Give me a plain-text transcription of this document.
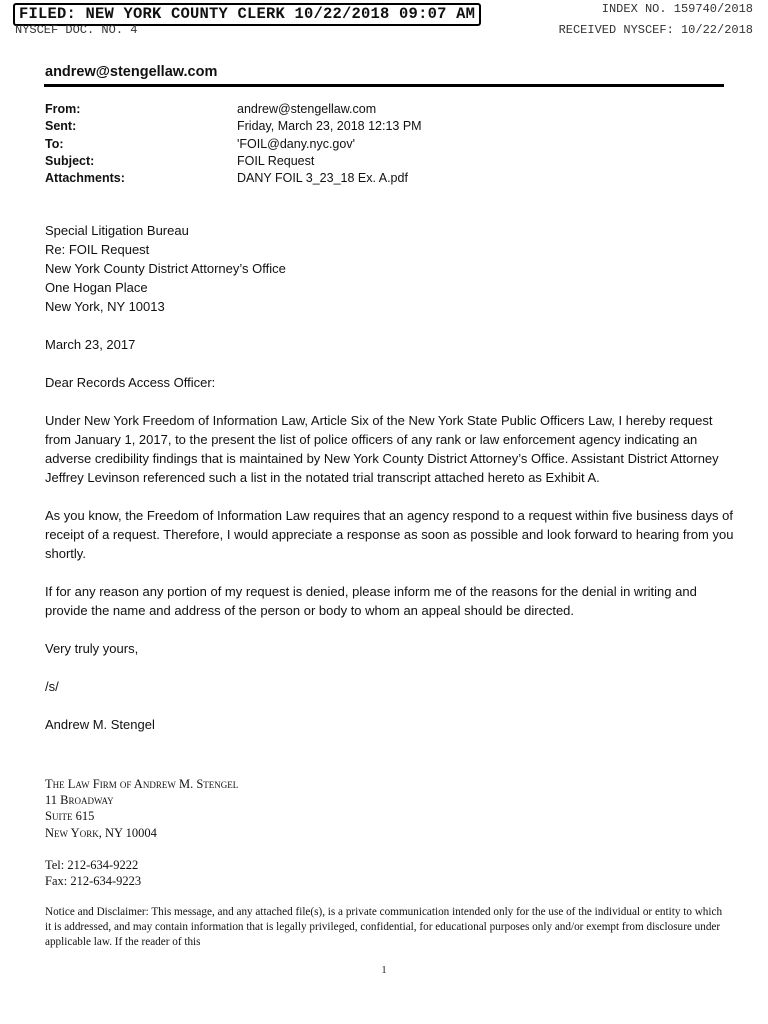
FILED: NEW YORK COUNTY CLERK 10/22/2018 09:07 AM	INDEX NO. 159740/2018
NYSCEF DOC. NO. 4	RECEIVED NYSCEF: 10/22/2018
andrew@stengellaw.com
From:	andrew@stengellaw.com
Sent:	Friday, March 23, 2018 12:13 PM
To:	'FOIL@dany.nyc.gov'
Subject:	FOIL Request
Attachments:	DANY FOIL 3_23_18 Ex. A.pdf
Special Litigation Bureau
Re: FOIL Request
New York County District Attorney’s Office
One Hogan Place
New York, NY 10013

March 23, 2017

Dear Records Access Officer:

Under New York Freedom of Information Law, Article Six of the New York State Public Officers Law, I hereby request from January 1, 2017, to the present the list of police officers of any rank or law enforcement agency indicating an adverse credibility findings that is maintained by New York County District Attorney’s Office. Assistant District Attorney Jeffrey Levinson referenced such a list in the notated trial transcript attached hereto as Exhibit A.

As you know, the Freedom of Information Law requires that an agency respond to a request within five business days of receipt of a request. Therefore, I would appreciate a response as soon as possible and look forward to hearing from you shortly.

If for any reason any portion of my request is denied, please inform me of the reasons for the denial in writing and provide the name and address of the person or body to whom an appeal should be directed.

Very truly yours,

/s/

Andrew M. Stengel

The Law Firm of Andrew M. Stengel
11 Broadway
Suite 615
New York, NY 10004
Tel: 212-634-9222
Fax: 212-634-9223
Notice and Disclaimer: This message, and any attached file(s), is a private communication intended only for the use of the individual or entity to which it is addressed, and may contain information that is legally privileged, confidential, for educational purposes only and/or exempt from disclosure under applicable law. If the reader of this
1
